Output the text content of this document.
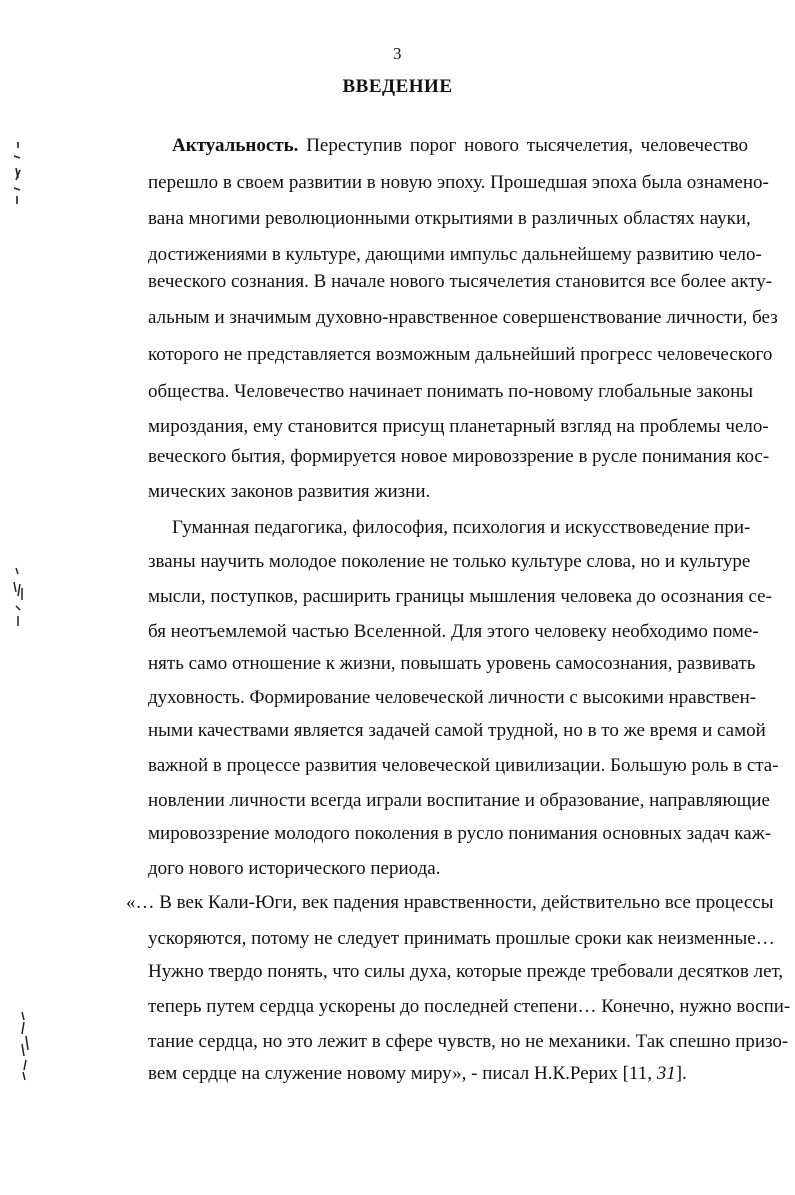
3
ВВЕДЕНИЕ
Актуальность. Переступив порог нового тысячелетия, человечество
перешло в своем развитии в новую эпоху. Прошедшая эпоха была ознамено-
вана многими революционными открытиями в различных областях науки,
достижениями в культуре, дающими импульс дальнейшему развитию чело-
веческого сознания. В начале нового тысячелетия становится все более акту-
альным и значимым духовно-нравственное совершенствование личности, без
которого не представляется возможным дальнейший прогресс человеческого
общества. Человечество начинает понимать по-новому глобальные законы
мироздания, ему становится присущ планетарный взгляд на проблемы чело-
веческого бытия, формируется новое мировоззрение в русле понимания кос-
мических законов развития жизни.
Гуманная педагогика, философия, психология и искусствоведение при-
званы научить молодое поколение не только культуре слова, но и культуре
мысли, поступков, расширить границы мышления человека до осознания се-
бя неотъемлемой частью Вселенной. Для этого человеку необходимо поме-
нять само отношение к жизни, повышать уровень самосознания, развивать
духовность. Формирование человеческой личности с высокими нравствен-
ными качествами является задачей самой трудной, но в то же время и самой
важной в процессе развития человеческой цивилизации. Большую роль в ста-
новлении личности всегда играли воспитание и образование, направляющие
мировоззрение молодого поколения в русло понимания основных задач каж-
дого нового исторического периода.
«… В век Кали-Юги, век падения нравственности, действительно все процессы
ускоряются, потому не следует принимать прошлые сроки как неизменные…
Нужно твердо понять, что силы духа, которые прежде требовали десятков лет,
теперь путем сердца ускорены до последней степени… Конечно, нужно воспи-
тание сердца, но это лежит в сфере чувств, но не механики. Так спешно призо-
вем сердце на служение новому миру», - писал Н.К.Рерих [11, 31].
